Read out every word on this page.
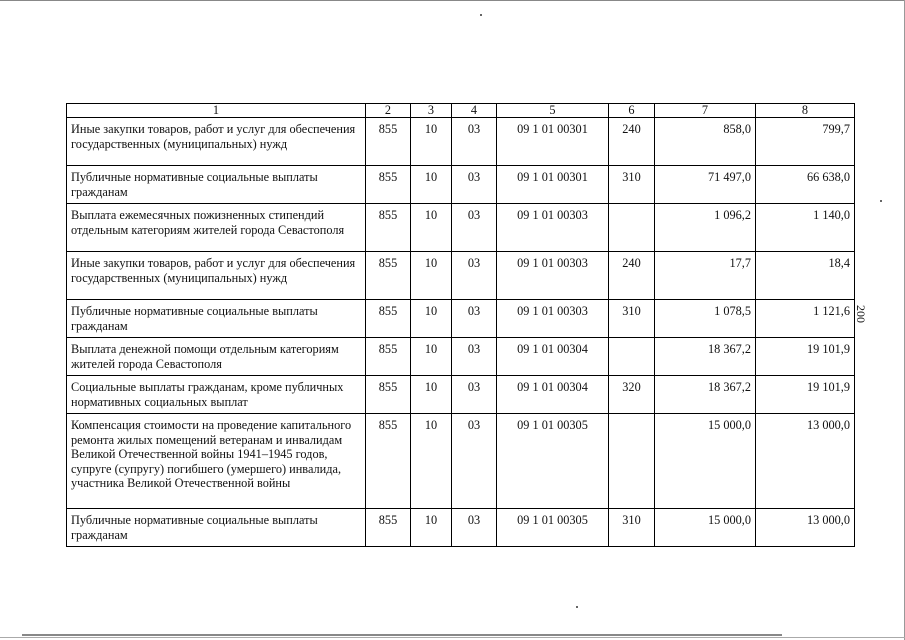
1	2	3	4	5	6	7	8
Иные закупки товаров, работ и услуг для обеспечения государственных (муниципальных) нужд	855	10	03	09 1 01 00301	240	858,0	799,7
Публичные нормативные социальные выплаты гражданам	855	10	03	09 1 01 00301	310	71 497,0	66 638,0
Выплата ежемесячных пожизненных стипендий отдельным категориям жителей города Севастополя	855	10	03	09 1 01 00303		1 096,2	1 140,0
Иные закупки товаров, работ и услуг для обеспечения государственных (муниципальных) нужд	855	10	03	09 1 01 00303	240	17,7	18,4
Публичные нормативные социальные выплаты гражданам	855	10	03	09 1 01 00303	310	1 078,5	1 121,6
Выплата денежной помощи отдельным категориям жителей города Севастополя	855	10	03	09 1 01 00304		18 367,2	19 101,9
Социальные выплаты гражданам, кроме публичных нормативных социальных выплат	855	10	03	09 1 01 00304	320	18 367,2	19 101,9
Компенсация стоимости на проведение капитального ремонта жилых помещений ветеранам и инвалидам Великой Отечественной войны 1941–1945 годов, супруге (супругу) погибшего (умершего) инвалида, участника Великой Отечественной войны	855	10	03	09 1 01 00305		15 000,0	13 000,0
Публичные нормативные социальные выплаты гражданам	855	10	03	09 1 01 00305	310	15 000,0	13 000,0
200
